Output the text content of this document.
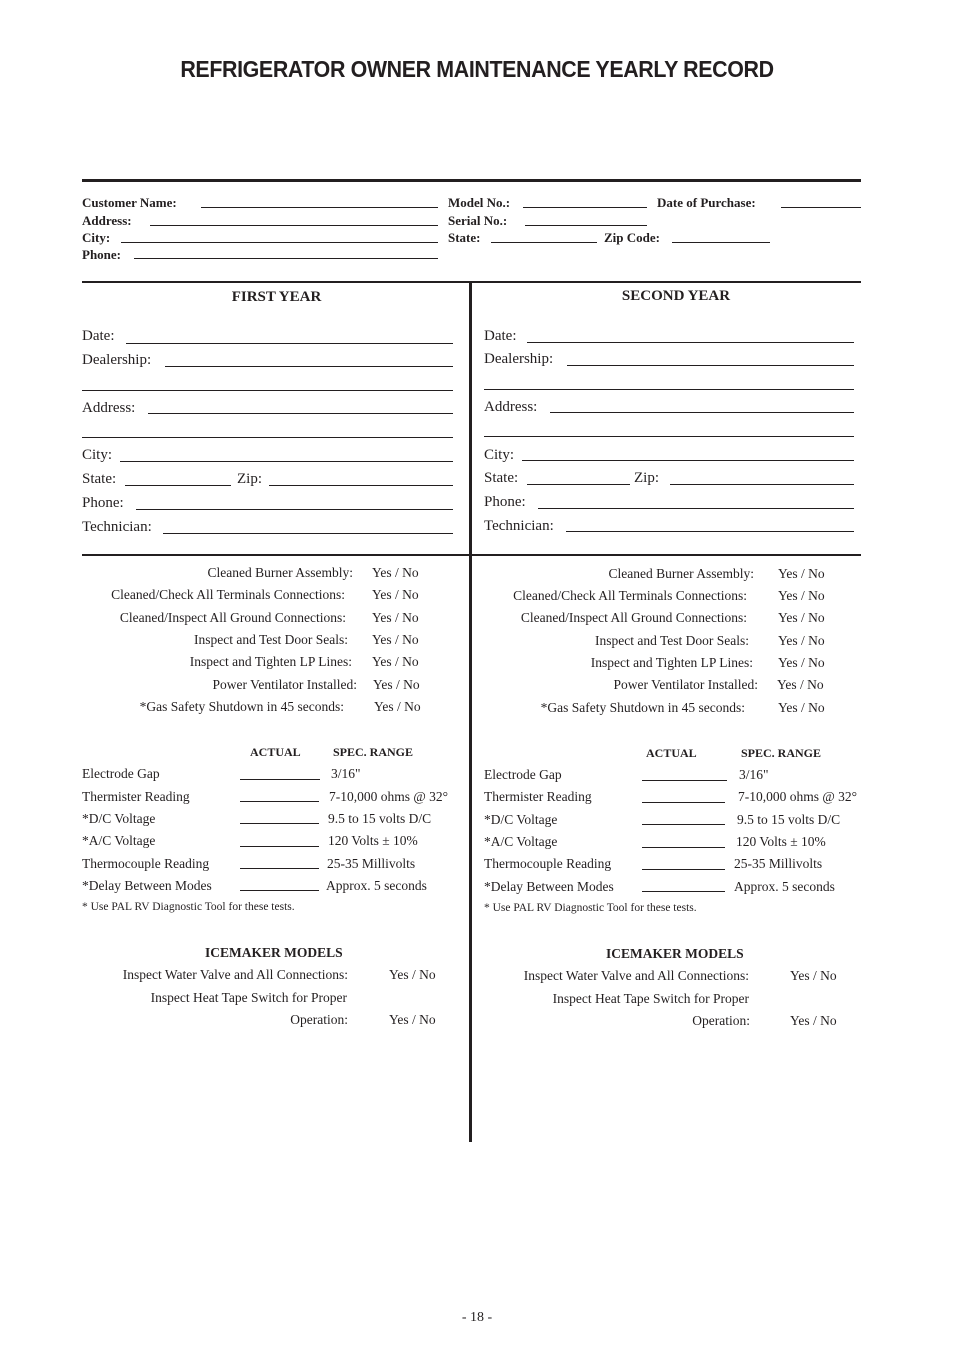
REFRIGERATOR OWNER MAINTENANCE YEARLY RECORD
Customer Name:
Address:
City:
Phone:
Model No.:	Date of Purchase:
Serial No.:
State:	Zip Code:
FIRST YEAR
Date:
Dealership:
Address:
City:
State:	Zip:
Phone:
Technician:
Cleaned Burner Assembly: Yes / No
Cleaned/Check All Terminals Connections: Yes / No
Cleaned/Inspect All Ground Connections: Yes / No
Inspect and Test Door Seals: Yes / No
Inspect and Tighten LP Lines: Yes / No
Power Ventilator Installed: Yes / No
*Gas Safety Shutdown in 45 seconds: Yes / No
ACTUAL	SPEC. RANGE
Electrode Gap	3/16"
Thermister Reading	7-10,000 ohms @ 32°
*D/C Voltage	9.5 to 15 volts D/C
*A/C Voltage	120 Volts ± 10%
Thermocouple Reading	25-35 Millivolts
*Delay Between Modes	Approx. 5 seconds
* Use PAL RV Diagnostic Tool for these tests.
ICEMAKER MODELS
Inspect Water Valve and All Connections:	Yes / No
Inspect Heat Tape Switch for Proper
Operation:	Yes / No
SECOND YEAR
Date:
Dealership:
Address:
City:
State:	Zip:
Phone:
Technician:
Cleaned Burner Assembly: Yes / No
Cleaned/Check All Terminals Connections: Yes / No
Cleaned/Inspect All Ground Connections: Yes / No
Inspect and Test Door Seals: Yes / No
Inspect and Tighten LP Lines: Yes / No
Power Ventilator Installed: Yes / No
*Gas Safety Shutdown in 45 seconds: Yes / No
ACTUAL	SPEC. RANGE
Electrode Gap	3/16"
Thermister Reading	7-10,000 ohms @ 32°
*D/C Voltage	9.5 to 15 volts D/C
*A/C Voltage	120 Volts ± 10%
Thermocouple Reading	25-35 Millivolts
*Delay Between Modes	Approx. 5 seconds
* Use PAL RV Diagnostic Tool for these tests.
ICEMAKER MODELS
Inspect Water Valve and All Connections:	Yes / No
Inspect Heat Tape Switch for Proper
Operation:	Yes / No
- 18 -
